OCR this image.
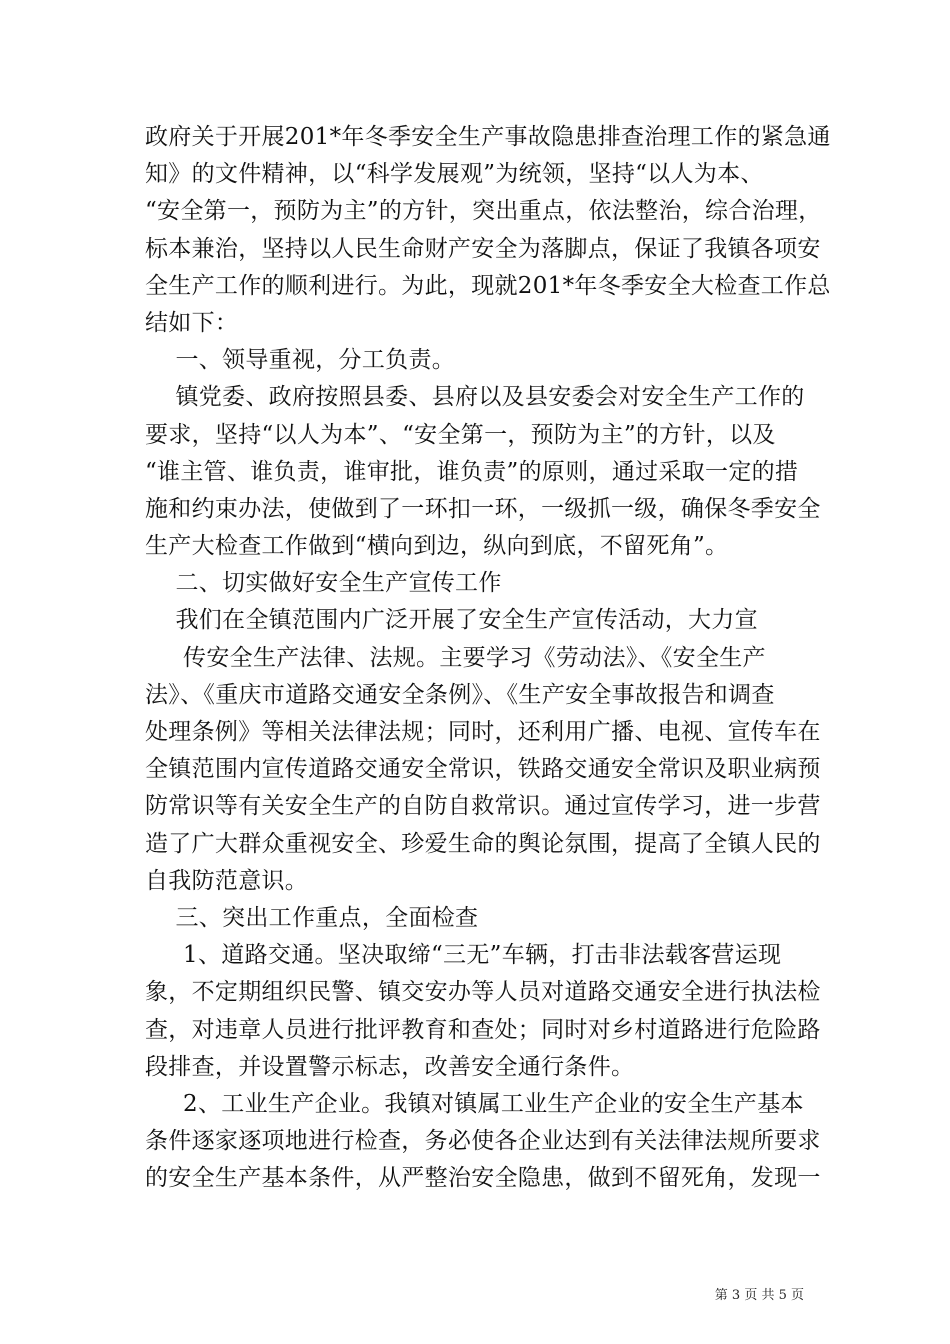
政府关于开展201*年冬季安全生产事故隐患排查治理工作的紧急通
知》的文件精神，以“科学发展观”为统领，坚持“以人为本、
“安全第一，预防为主”的方针，突出重点，依法整治，综合治理，
标本兼治，坚持以人民生命财产安全为落脚点，保证了我镇各项安
全生产工作的顺利进行。为此，现就201*年冬季安全大检查工作总
结如下：
一、领导重视，分工负责。
镇党委、政府按照县委、县府以及县安委会对安全生产工作的
要求，坚持“以人为本”、“安全第一，预防为主”的方针，以及
“谁主管、谁负责，谁审批，谁负责”的原则，通过采取一定的措
施和约束办法，使做到了一环扣一环，一级抓一级，确保冬季安全
生产大检查工作做到“横向到边，纵向到底，不留死角”。
二、切实做好安全生产宣传工作
我们在全镇范围内广泛开展了安全生产宣传活动，大力宣
传安全生产法律、法规。主要学习《劳动法》、《安全生产
法》、《重庆市道路交通安全条例》、《生产安全事故报告和调查
处理条例》等相关法律法规；同时，还利用广播、电视、宣传车在
全镇范围内宣传道路交通安全常识，铁路交通安全常识及职业病预
防常识等有关安全生产的自防自救常识。通过宣传学习，进一步营
造了广大群众重视安全、珍爱生命的舆论氛围，提高了全镇人民的
自我防范意识。
三、突出工作重点，全面检查
1、道路交通。坚决取缔“三无”车辆，打击非法载客营运现
象，不定期组织民警、镇交安办等人员对道路交通安全进行执法检
查，对违章人员进行批评教育和查处；同时对乡村道路进行危险路
段排查，并设置警示标志，改善安全通行条件。
2、工业生产企业。我镇对镇属工业生产企业的安全生产基本
条件逐家逐项地进行检查，务必使各企业达到有关法律法规所要求
的安全生产基本条件，从严整治安全隐患，做到不留死角，发现一
第 3 页 共 5 页
